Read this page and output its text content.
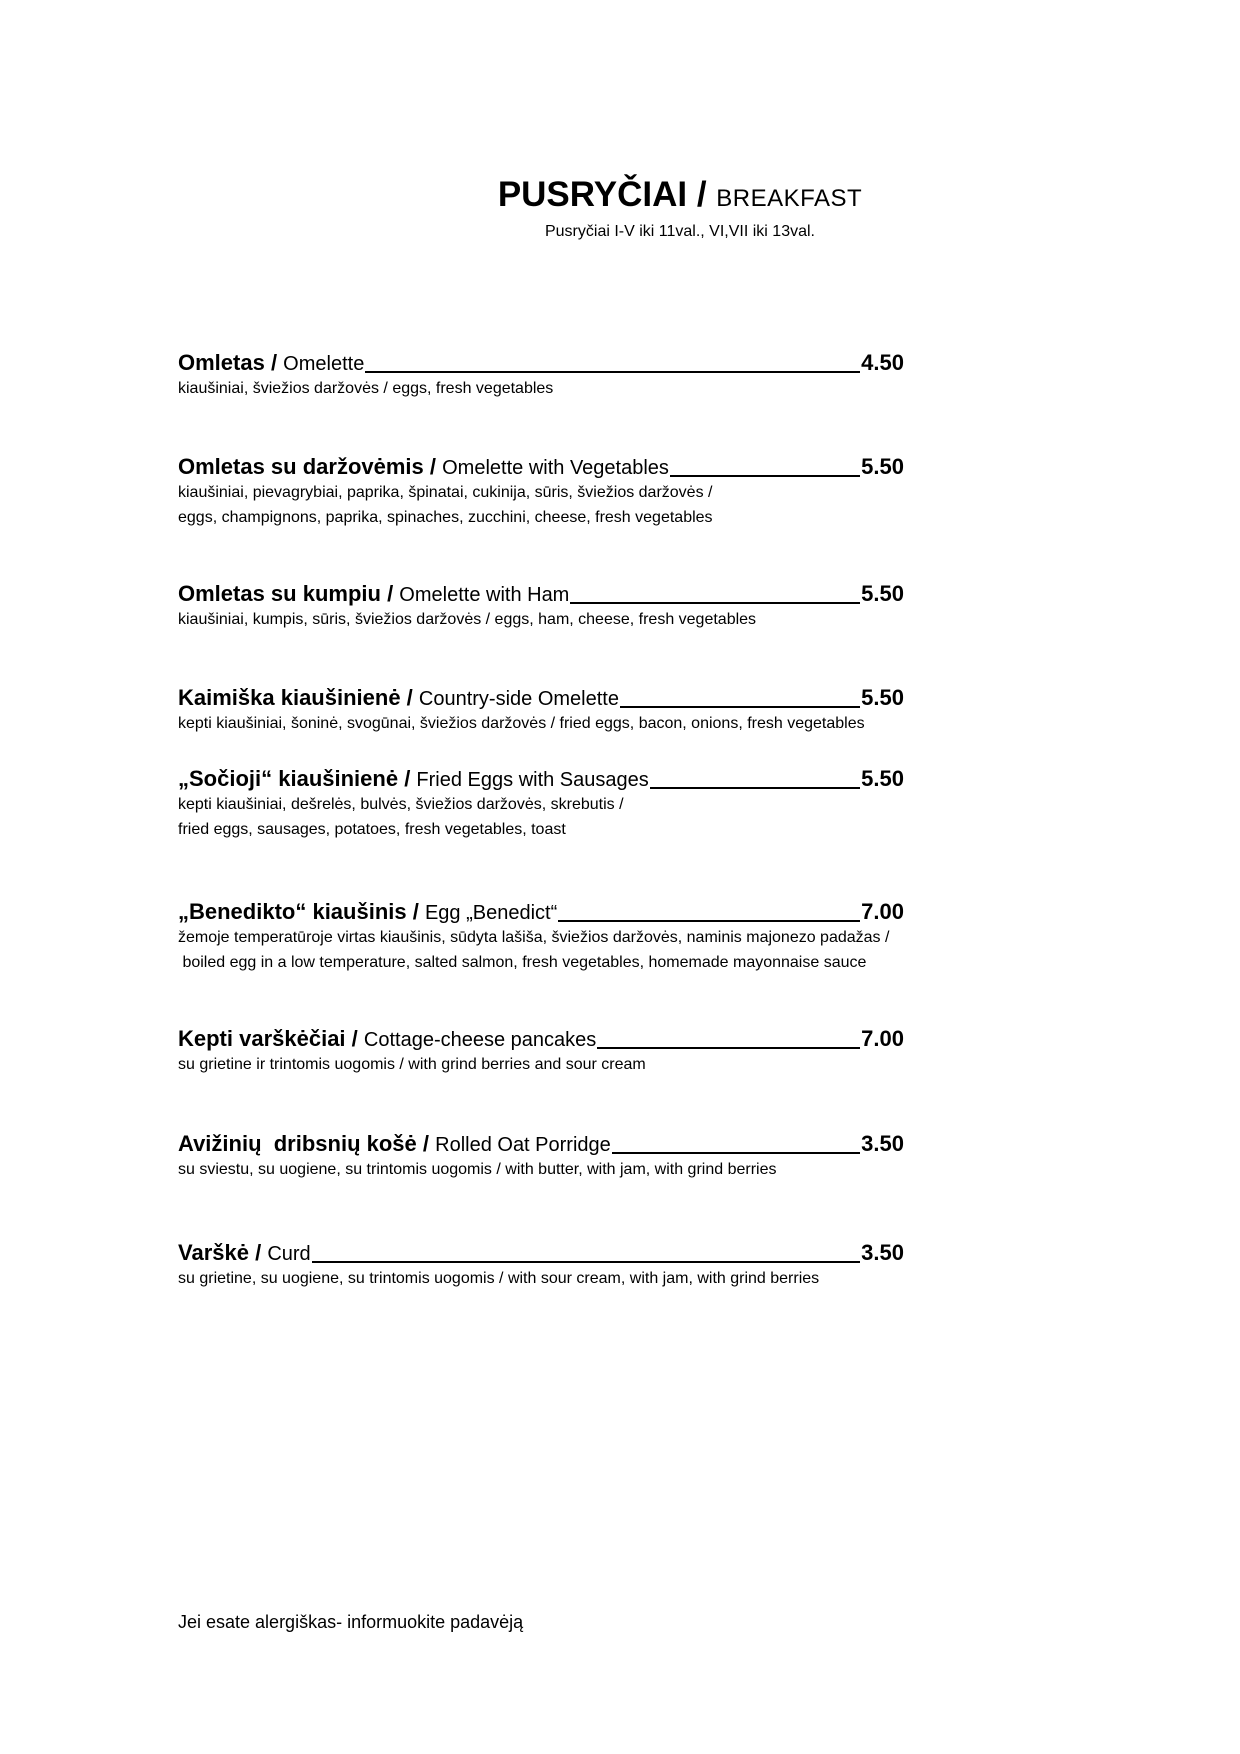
PUSRYČIAI / BREAKFAST
Pusryčiai I-V iki 11val., VI,VII iki 13val.
Omletas / Omelette	4.50
kiaušiniai, šviežios daržovės / eggs, fresh vegetables
Omletas su daržovėmis / Omelette with Vegetables	5.50
kiaušiniai, pievagrybiai, paprika, špinatai, cukinija, sūris, šviežios daržovės /
eggs, champignons, paprika, spinaches, zucchini, cheese, fresh vegetables
Omletas su kumpiu / Omelette with Ham	5.50
kiaušiniai, kumpis, sūris, šviežios daržovės / eggs, ham, cheese, fresh vegetables
Kaimiška kiaušinienė / Country-side Omelette	5.50
kepti kiaušiniai, šoninė, svogūnai, šviežios daržovės / fried eggs, bacon, onions, fresh vegetables
„Sočioji“ kiaušinienė / Fried Eggs with Sausages	5.50
kepti kiaušiniai, dešrelės, bulvės, šviežios daržovės, skrebutis /
fried eggs, sausages, potatoes, fresh vegetables, toast
„Benedikto“ kiaušinis / Egg „Benedict“	7.00
žemoje temperatūroje virtas kiaušinis, sūdyta lašiša, šviežios daržovės, naminis majonezo padažas /
boiled egg in a low temperature, salted salmon, fresh vegetables, homemade mayonnaise sauce
Kepti varškėčiai / Cottage-cheese pancakes	7.00
su grietine ir trintomis uogomis / with grind berries and sour cream
Avižinių  dribsnių košė / Rolled Oat Porridge	3.50
su sviestu, su uogiene, su trintomis uogomis / with butter, with jam, with grind berries
Varškė / Curd	3.50
su grietine, su uogiene, su trintomis uogomis / with sour cream, with jam, with grind berries
Jei esate alergiškas- informuokite padavėją
